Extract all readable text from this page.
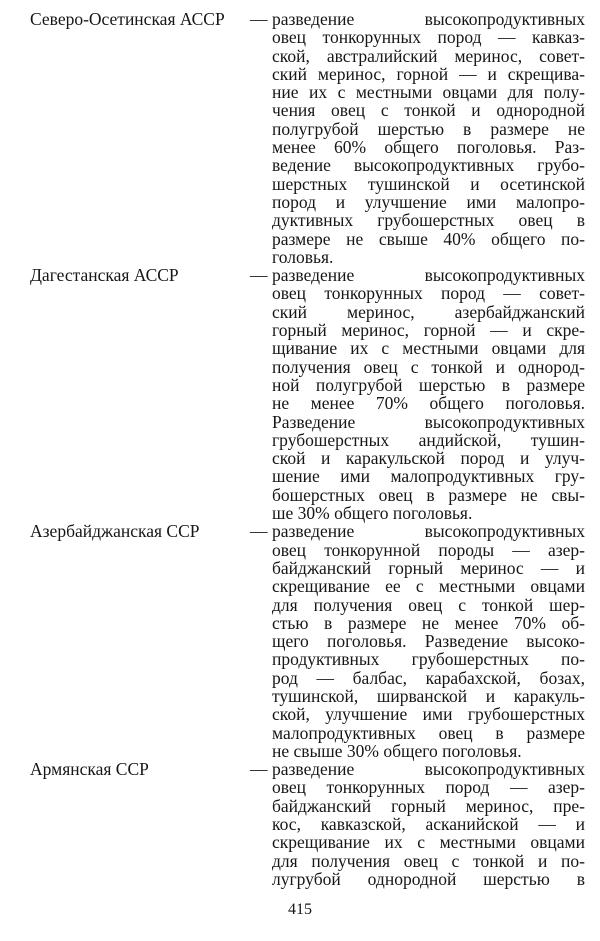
Северо-Осетинская АССР — разведение высокопродуктивных
овец тонкорунных пород — кавказ-
ской, австралийский меринос, совет-
ский меринос, горной — и скрещива-
ние их с местными овцами для полу-
чения овец с тонкой и однородной
полугрубой шерстью в размере не
менее 60% общего поголовья. Раз-
ведение высокопродуктивных грубо-
шерстных тушинской и осетинской
пород и улучшение ими малопро-
дуктивных грубошерстных овец в
размере не свыше 40% общего по-
головья.
Дагестанская АССР	— разведение высокопродуктивных
овец тонкорунных пород — совет-
ский меринос, азербайджанский
горный меринос, горной — и скре-
щивание их с местными овцами для
получения овец с тонкой и однород-
ной полугрубой шерстью в размере
не менее 70% общего поголовья.
Разведение высокопродуктивных
грубошерстных андийской, тушин-
ской и каракульской пород и улуч-
шение ими малопродуктивных гру-
бошерстных овец в размере не свы-
ше 30% общего поголовья.
Азербайджанская ССР	— разведение высокопродуктивных
овец тонкорунной породы — азер-
байджанский горный меринос — и
скрещивание ее с местными овцами
для получения овец с тонкой шер-
стью в размере не менее 70% об-
щего поголовья. Разведение высоко-
продуктивных грубошерстных по-
род — балбас, карабахской, бозах,
тушинской, ширванской и каракуль-
ской, улучшение ими грубошерстных
малопродуктивных овец в размере
не свыше 30% общего поголовья.
Армянская ССР	— разведение высокопродуктивных
овец тонкорунных пород — азер-
байджанский горный меринос, пре-
кос, кавказской, асканийской — и
скрещивание их с местными овцами
для получения овец с тонкой и по-
лугрубой однородной шерстью в
415
